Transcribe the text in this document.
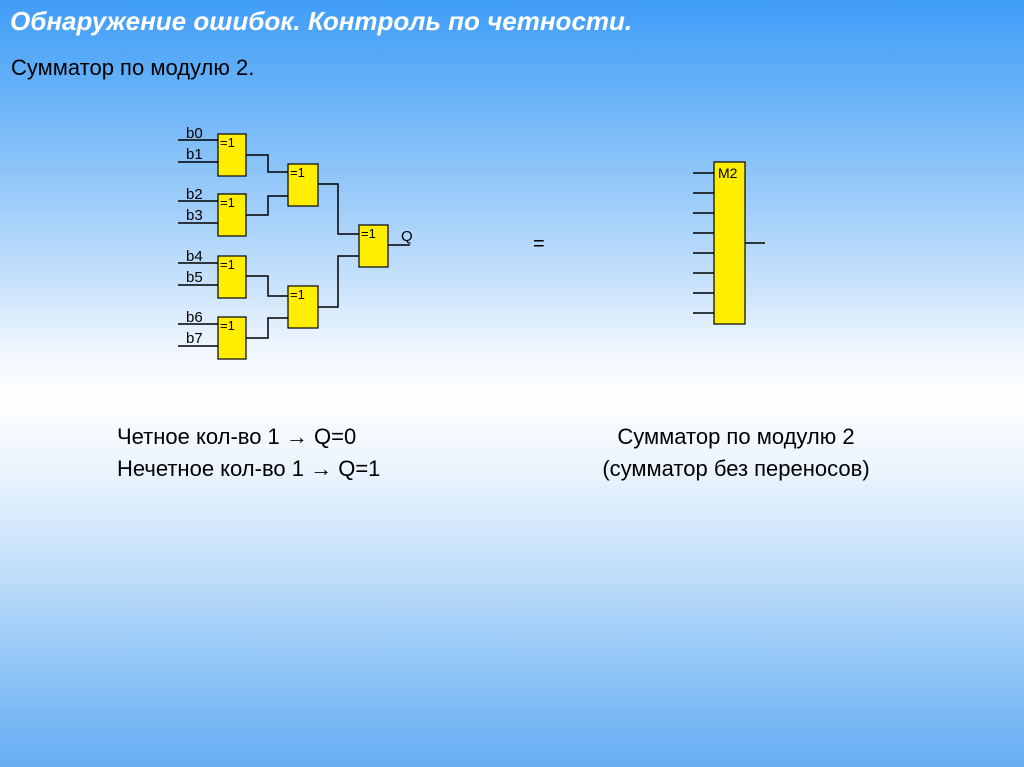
Обнаружение ошибок. Контроль по четности.

Сумматор по модулю 2.

=1
=1
=1
=1
=1
=1
=1
b0
b1
b2
b3
b4
b5
b6
b7
Q	=
M2
Четное кол-во 1 → Q=0
Нечетное кол-во 1 → Q=1
Сумматор по модулю 2
(сумматор без переносов)
